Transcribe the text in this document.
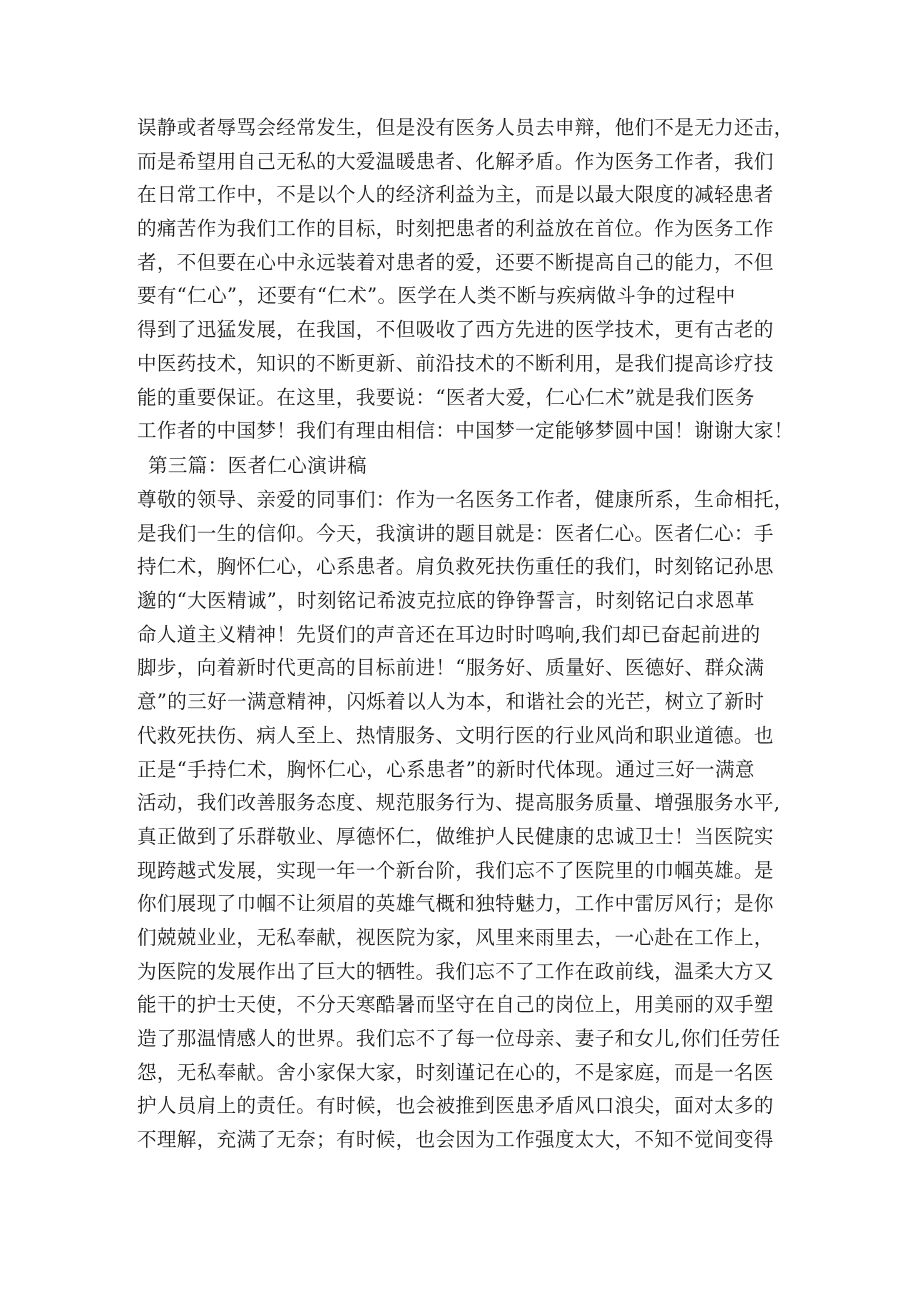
误静或者辱骂会经常发生，但是没有医务人员去申辩，他们不是无力还击，
而是希望用自己无私的大爱温暖患者、化解矛盾。作为医务工作者，我们
在日常工作中，不是以个人的经济利益为主，而是以最大限度的减轻患者
的痛苦作为我们工作的目标，时刻把患者的利益放在首位。作为医务工作
者，不但要在心中永远装着对患者的爱，还要不断提高自己的能力，不但
要有“仁心”，还要有“仁术”。医学在人类不断与疾病做斗争的过程中
得到了迅猛发展，在我国，不但吸收了西方先进的医学技术，更有古老的
中医药技术，知识的不断更新、前沿技术的不断利用，是我们提高诊疗技
能的重要保证。在这里，我要说：“医者大爱，仁心仁术”就是我们医务
工作者的中国梦！我们有理由相信：中国梦一定能够梦圆中国！谢谢大家！
第三篇：医者仁心演讲稿
尊敬的领导、亲爱的同事们：作为一名医务工作者，健康所系，生命相托，
是我们一生的信仰。今天，我演讲的题目就是：医者仁心。医者仁心：手
持仁术，胸怀仁心，心系患者。肩负救死扶伤重任的我们，时刻铭记孙思
邈的“大医精诚”，时刻铭记希波克拉底的铮铮誓言，时刻铭记白求恩革
命人道主义精神！先贤们的声音还在耳边时时鸣响,我们却已奋起前进的
脚步，向着新时代更高的目标前进！“服务好、质量好、医德好、群众满
意”的三好一满意精神，闪烁着以人为本，和谐社会的光芒，树立了新时
代救死扶伤、病人至上、热情服务、文明行医的行业风尚和职业道德。也
正是“手持仁术，胸怀仁心，心系患者”的新时代体现。通过三好一满意
活动，我们改善服务态度、规范服务行为、提高服务质量、增强服务水平,
真正做到了乐群敬业、厚德怀仁，做维护人民健康的忠诚卫士！当医院实
现跨越式发展，实现一年一个新台阶，我们忘不了医院里的巾帼英雄。是
你们展现了巾帼不让须眉的英雄气概和独特魅力，工作中雷厉风行；是你
们兢兢业业，无私奉献，视医院为家，风里来雨里去，一心赴在工作上，
为医院的发展作出了巨大的牺牲。我们忘不了工作在政前线，温柔大方又
能干的护士天使，不分天寒酷暑而坚守在自己的岗位上，用美丽的双手塑
造了那温情感人的世界。我们忘不了每一位母亲、妻子和女儿,你们任劳任
怨，无私奉献。舍小家保大家，时刻谨记在心的，不是家庭，而是一名医
护人员肩上的责任。有时候，也会被推到医患矛盾风口浪尖，面对太多的
不理解，充满了无奈；有时候，也会因为工作强度太大，不知不觉间变得
